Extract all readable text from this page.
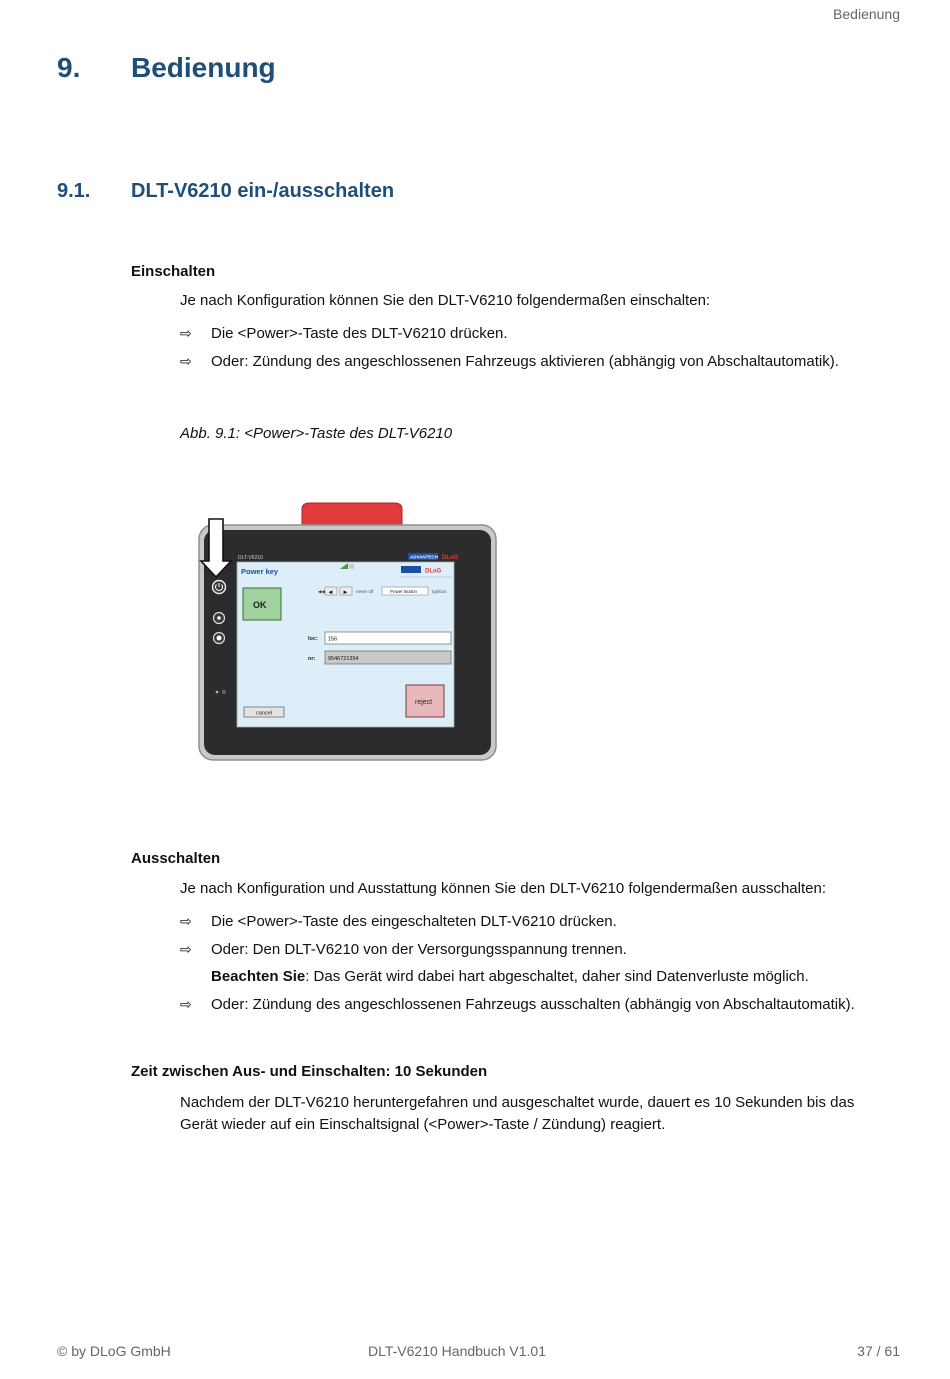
Bedienung
9. Bedienung
9.1. DLT-V6210 ein-/ausschalten
Einschalten
Je nach Konfiguration können Sie den DLT-V6210 folgendermaßen einschalten:
⇨ Die <Power>-Taste des DLT-V6210 drücken.
⇨ Oder: Zündung des angeschlossenen Fahrzeugs aktivieren (abhängig von Abschaltautomatik).
Abb. 9.1: <Power>-Taste des DLT-V6210
DLT-V6210	ADVANTECH DLoG
Power key	DLoG
OK
◀◀ ◀ ▶ never off	Power Button	Ignition
loc: 156
nr: 9546721354
reject
cancel
Ausschalten
Je nach Konfiguration und Ausstattung können Sie den DLT-V6210 folgendermaßen ausschalten:
⇨ Die <Power>-Taste des eingeschalteten DLT-V6210 drücken.
⇨ Oder: Den DLT-V6210 von der Versorgungsspannung trennen.
Beachten Sie: Das Gerät wird dabei hart abgeschaltet, daher sind Datenverluste möglich.
⇨ Oder: Zündung des angeschlossenen Fahrzeugs ausschalten (abhängig von Abschaltautomatik).
Zeit zwischen Aus- und Einschalten: 10 Sekunden
Nachdem der DLT-V6210 heruntergefahren und ausgeschaltet wurde, dauert es 10 Sekunden bis das
Gerät wieder auf ein Einschaltsignal (<Power>-Taste / Zündung) reagiert.
© by DLoG GmbH	DLT-V6210 Handbuch V1.01	37 / 61
